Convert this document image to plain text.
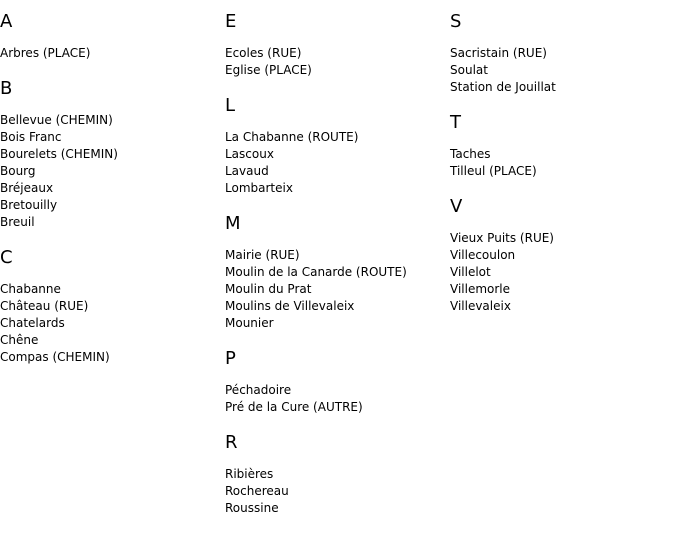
A
Arbres (PLACE)
B
Bellevue (CHEMIN)
Bois Franc
Bourelets (CHEMIN)
Bourg
Bréjeaux
Bretouilly
Breuil
C
Chabanne
Château (RUE)
Chatelards
Chêne
Compas (CHEMIN)
E
Ecoles (RUE)
Eglise (PLACE)
L
La Chabanne (ROUTE)
Lascoux
Lavaud
Lombarteix
M
Mairie (RUE)
Moulin de la Canarde (ROUTE)
Moulin du Prat
Moulins de Villevaleix
Mounier
P
Péchadoire
Pré de la Cure (AUTRE)
R
Ribières
Rochereau
Roussine
S
Sacristain (RUE)
Soulat
Station de Jouillat
T
Taches
Tilleul (PLACE)
V
Vieux Puits (RUE)
Villecoulon
Villelot
Villemorle
Villevaleix
